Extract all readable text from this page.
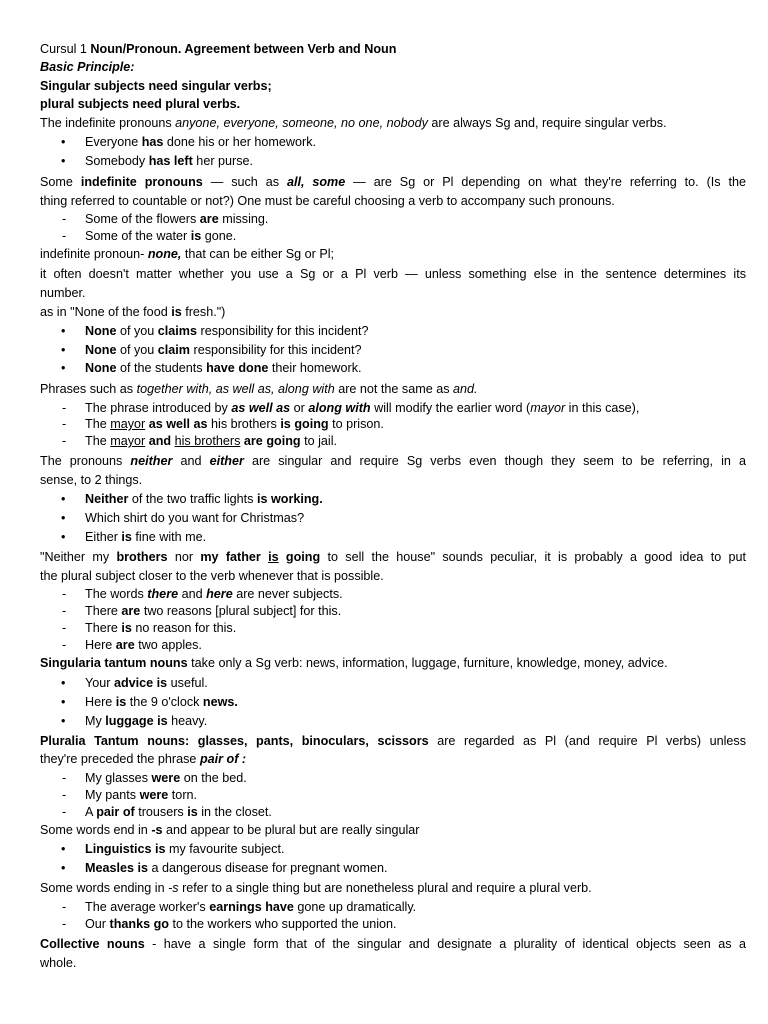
Cursul 1 Noun/Pronoun. Agreement between Verb and Noun
Basic Principle:
Singular subjects need singular verbs;
plural subjects need plural verbs.
The indefinite pronouns anyone, everyone, someone, no one, nobody are always Sg and, require singular verbs.
• Everyone has done his or her homework.
• Somebody has left her purse.
Some indefinite pronouns — such as all, some — are Sg or Pl depending on what they're referring to. (Is the
thing referred to countable or not?) One must be careful choosing a verb to accompany such pronouns.
- Some of the flowers are missing.
- Some of the water is gone.
indefinite pronoun- none, that can be either Sg or Pl;
it often doesn't matter whether you use a Sg or a Pl verb — unless something else in the sentence determines its
number.
as in "None of the food is fresh.")
• None of you claims responsibility for this incident?
• None of you claim responsibility for this incident?
• None of the students have done their homework.
Phrases such as together with, as well as, along with are not the same as and.
- The phrase introduced by as well as or along with will modify the earlier word (mayor in this case),
- The mayor as well as his brothers is going to prison.
- The mayor and his brothers are going to jail.
The pronouns neither and either are singular and require Sg verbs even though they seem to be referring, in a
sense, to 2 things.
• Neither of the two traffic lights is working.
• Which shirt do you want for Christmas?
• Either is fine with me.
"Neither my brothers nor my father is going to sell the house" sounds peculiar, it is probably a good idea to put
the plural subject closer to the verb whenever that is possible.
- The words there and here are never subjects.
- There are two reasons [plural subject] for this.
- There is no reason for this.
- Here are two apples.
Singularia tantum nouns take only a Sg verb: news, information, luggage, furniture, knowledge, money, advice.
• Your advice is useful.
• Here is the 9 o'clock news.
• My luggage is heavy.
Pluralia Tantum nouns: glasses, pants, binoculars, scissors are regarded as Pl (and require Pl verbs) unless
they're preceded the phrase pair of :
- My glasses were on the bed.
- My pants were torn.
- A pair of trousers is in the closet.
Some words end in -s and appear to be plural but are really singular
• Linguistics is my favourite subject.
• Measles is a dangerous disease for pregnant women.
Some words ending in -s refer to a single thing but are nonetheless plural and require a plural verb.
- The average worker's earnings have gone up dramatically.
- Our thanks go to the workers who supported the union.
Collective nouns - have a single form that of the singular and designate a plurality of identical objects seen as a
whole.
